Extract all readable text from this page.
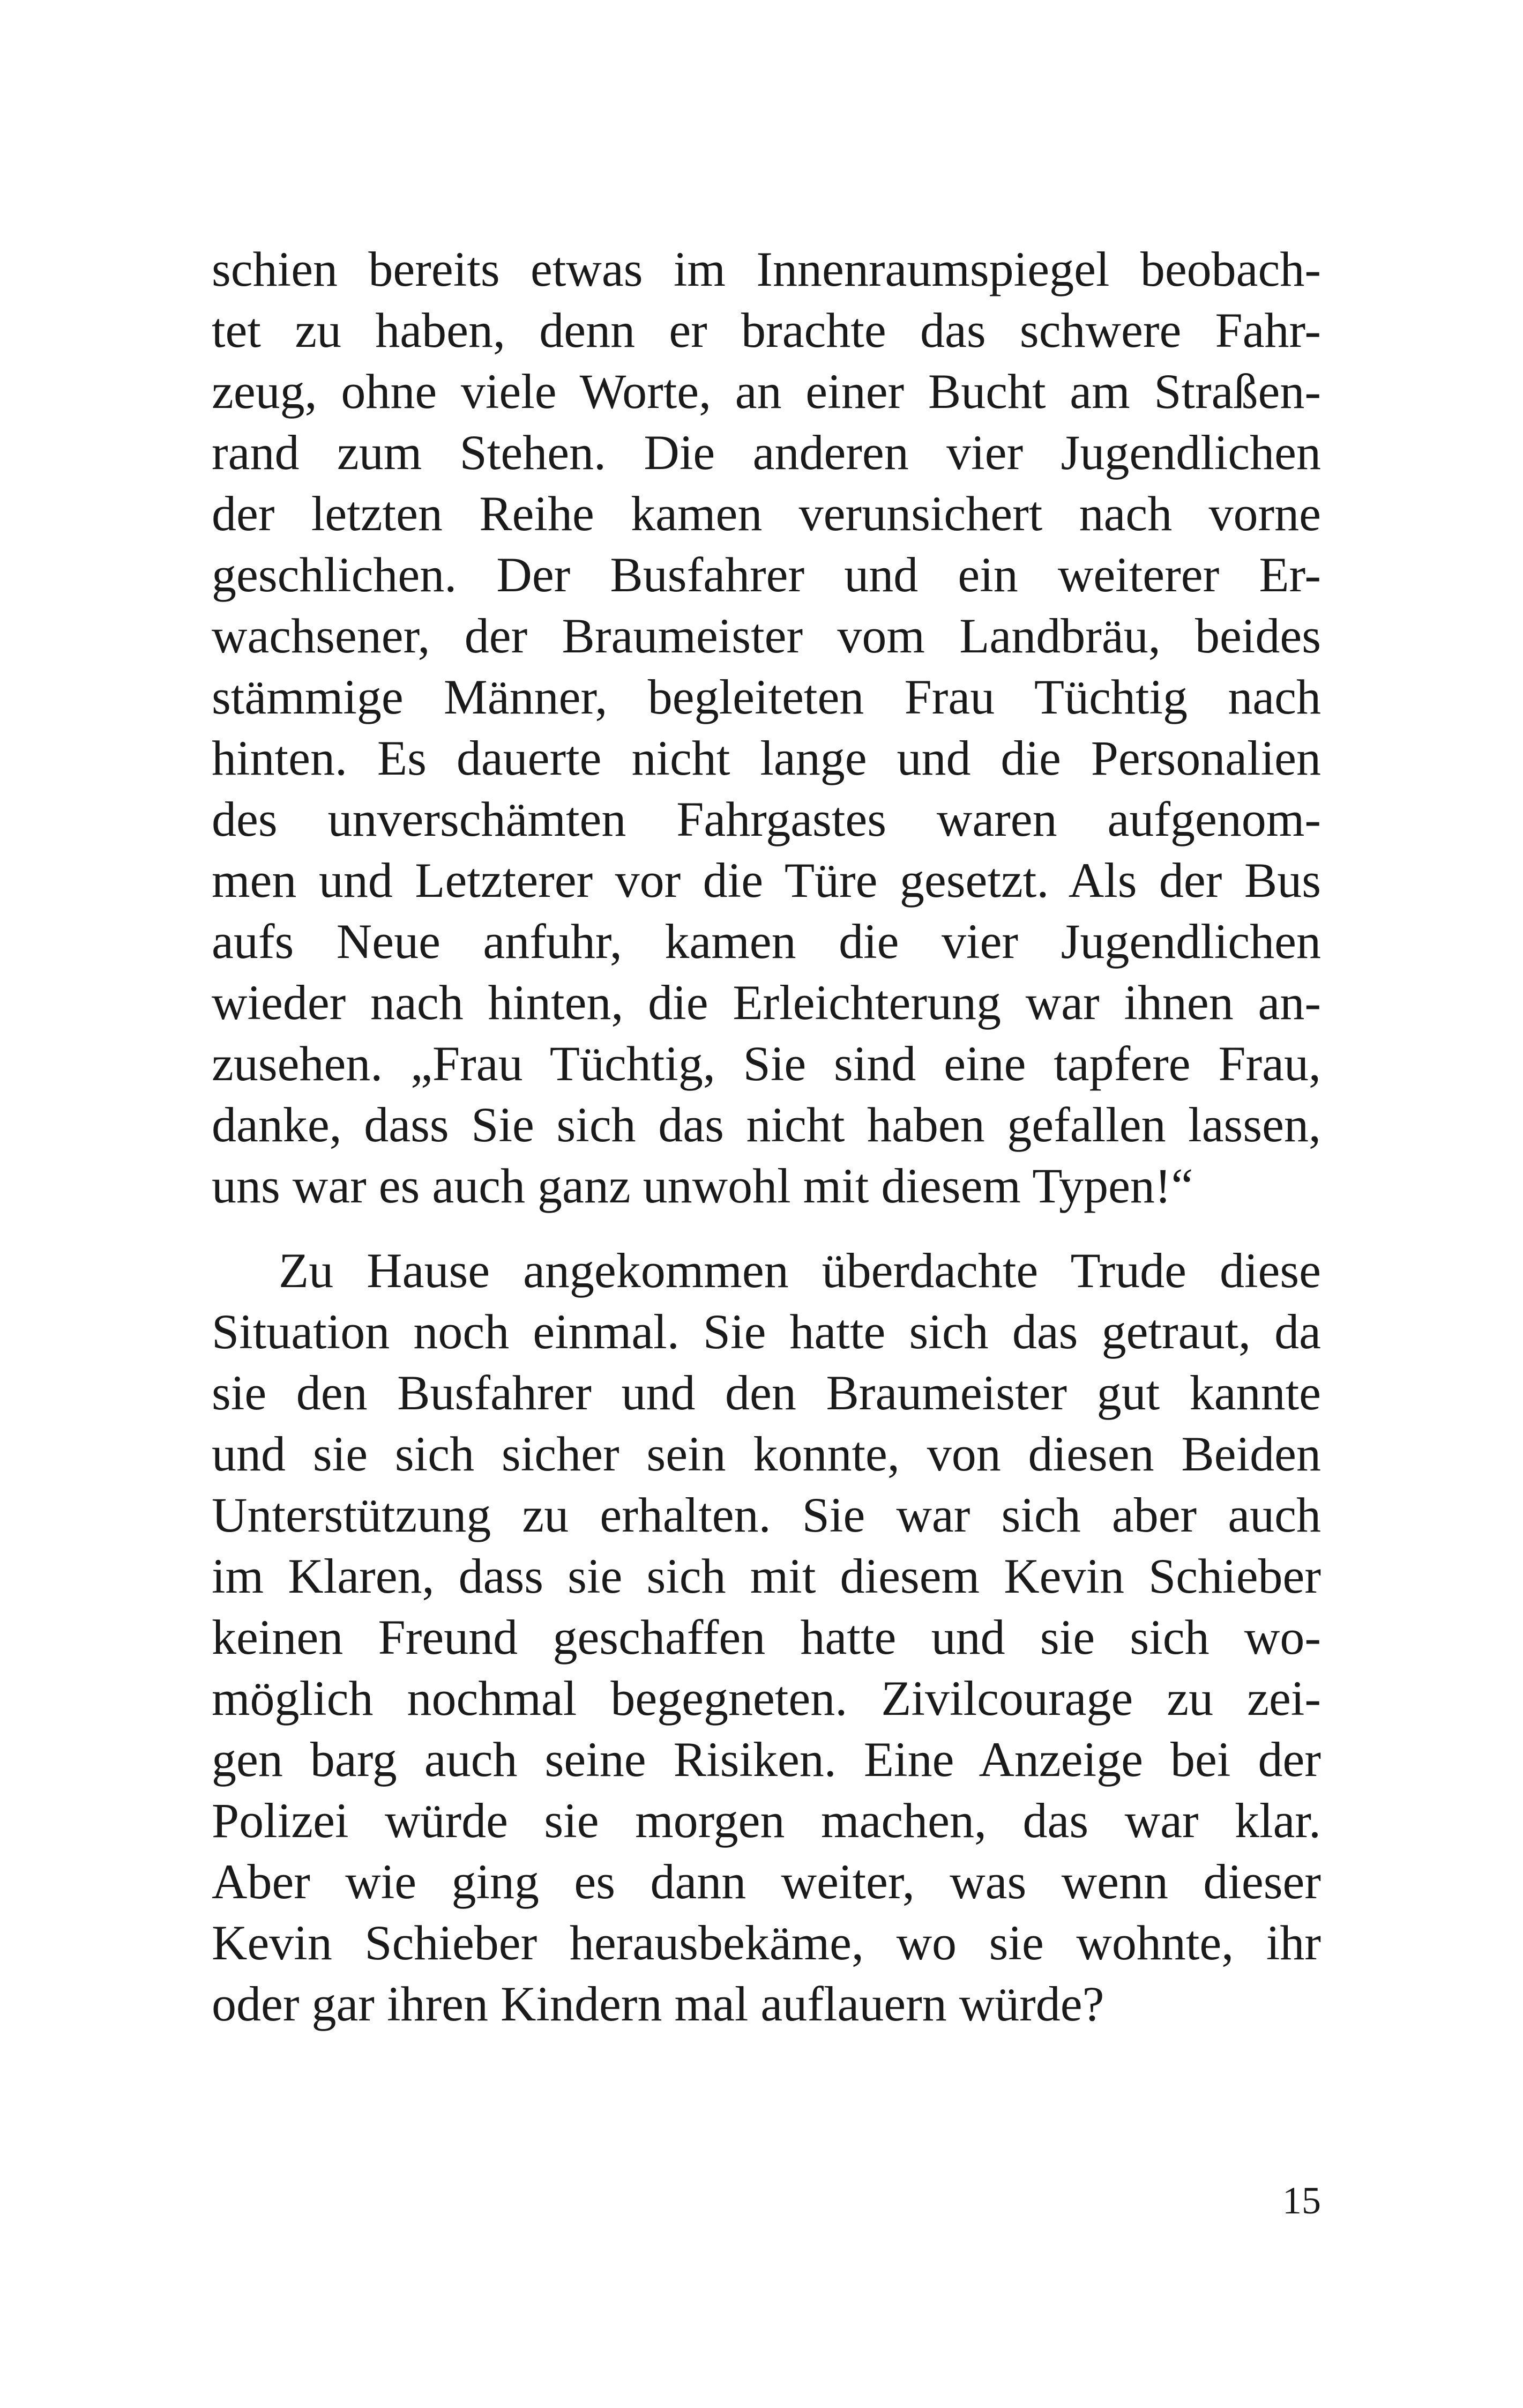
schien bereits etwas im Innenraumspiegel beobach-
tet zu haben, denn er brachte das schwere Fahr-
zeug, ohne viele Worte, an einer Bucht am Straßen-
rand zum Stehen. Die anderen vier Jugendlichen
der letzten Reihe kamen verunsichert nach vorne
geschlichen. Der Busfahrer und ein weiterer Er-
wachsener, der Braumeister vom Landbräu, beides
stämmige Männer, begleiteten Frau Tüchtig nach
hinten. Es dauerte nicht lange und die Personalien
des unverschämten Fahrgastes waren aufgenom-
men und Letzterer vor die Türe gesetzt. Als der Bus
aufs Neue anfuhr, kamen die vier Jugendlichen
wieder nach hinten, die Erleichterung war ihnen an-
zusehen. „Frau Tüchtig, Sie sind eine tapfere Frau,
danke, dass Sie sich das nicht haben gefallen lassen,
uns war es auch ganz unwohl mit diesem Typen!“
Zu Hause angekommen überdachte Trude diese
Situation noch einmal. Sie hatte sich das getraut, da
sie den Busfahrer und den Braumeister gut kannte
und sie sich sicher sein konnte, von diesen Beiden
Unterstützung zu erhalten. Sie war sich aber auch
im Klaren, dass sie sich mit diesem Kevin Schieber
keinen Freund geschaffen hatte und sie sich wo-
möglich nochmal begegneten. Zivilcourage zu zei-
gen barg auch seine Risiken. Eine Anzeige bei der
Polizei würde sie morgen machen, das war klar.
Aber wie ging es dann weiter, was wenn dieser
Kevin Schieber herausbekäme, wo sie wohnte, ihr
oder gar ihren Kindern mal auflauern würde?
15
